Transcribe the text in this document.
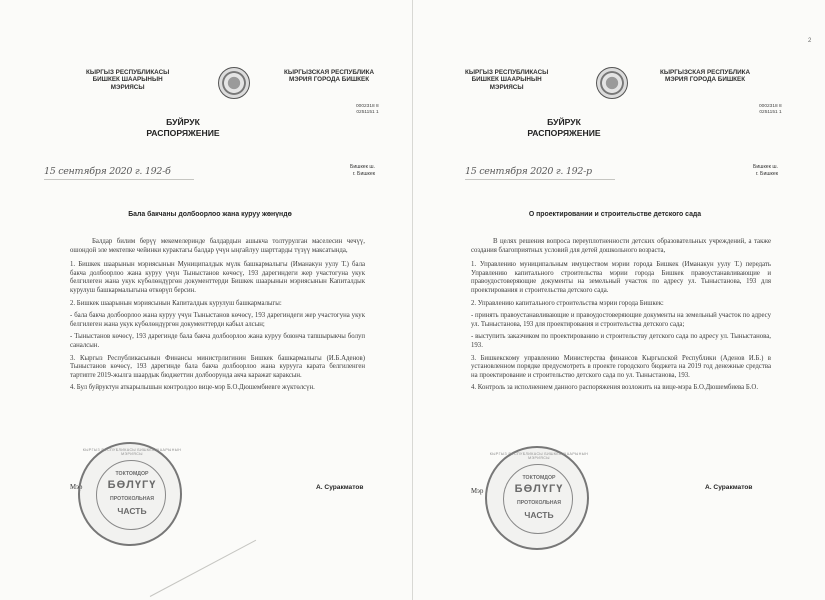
КЫРГЫЗ РЕСПУБЛИКАСЫ
БИШКЕК ШААРЫНЫН
МЭРИЯСЫ
КЫРГЫЗСКАЯ РЕСПУБЛИКА
МЭРИЯ ГОРОДА БИШКЕК
0002318 8
0251151 1
БУЙРУК
РАСПОРЯЖЕНИЕ
15 сентября 2020 г. 192-б	Бишкек ш.
г. Бишкек
Бала бакчаны долбоорлоо жана куруу жөнүндө

Балдар билим берүү мекемелеринде балдардын ашыкча толтурулган маселесин чечүү, ошондой эле мектепке чейинки курактагы балдар үчүн ыңгайлуу шарттарды түзүү максатында,

1. Бишкек шаарынын мэриясынын Муниципалдык мүлк башкармалыгы (Иманакун уулу Т.) бала бакча долбоорлоо жана куруу үчүн Тыныстанов көчөсү, 193 дарегиндеги жер участогуна укук белгилеген жана укук күбөлөндүргөн документтерди Бишкек шаарынын мэриясынын Капиталдык курулуш башкармалыгына өткөрүп берсин.

2. Бишкек шаарынын мэриясынын Капиталдык курулуш башкармалыгы:

- бала бакча долбоорлоо жана куруу үчүн Тыныстанов көчөсү, 193 дарегиндеги жер участогуна укук белгилеген жана укук күбөлөндүргөн документтерди кабыл алсын;

- Тыныстанов көчөсү, 193 дарегинде бала бакча долбоорлоо жана куруу боюнча тапшырыкчы болуп саналсын.

3. Кыргыз Республикасынын Финансы министрлигинин Бишкек башкармалыгы (И.Б.Аденов) Тыныстанов көчөсү, 193 дарегинде бала бакча долбоорлоо жана курууга карата белгиленген тартипте 2019-жылга шаардык бюджеттин долбоорунда акча каражат караксын.

4. Бул буйруктун аткарылышын контролдоо вице-мэр Б.О.Дюшембиевге жүктөлсүн.

Мэр	А. Суракматов
КЫРГЫЗ РЕСПУБЛИКАСЫ БИШКЕК ШААРЫНЫН МЭРИЯСЫ
ТОКТОМДОР
БӨЛҮГҮ
ПРОТОКОЛЬНАЯ
ЧАСТЬ
2
КЫРГЫЗ РЕСПУБЛИКАСЫ
БИШКЕК ШААРЫНЫН
МЭРИЯСЫ
КЫРГЫЗСКАЯ РЕСПУБЛИКА
МЭРИЯ ГОРОДА БИШКЕК
0002318 8
0251151 1
БУЙРУК
РАСПОРЯЖЕНИЕ
15 сентября 2020 г. 192-р	Бишкек ш.
г. Бишкек
О проектировании и строительстве детского сада

В целях решения вопроса переуплотненности детских образовательных учреждений, а также создания благоприятных условий для детей дошкольного возраста,

1. Управлению муниципальным имуществом мэрии города Бишкек (Иманакун уулу Т.) передать Управлению капитального строительства мэрии города Бишкек правоустанавливающие и правоудостоверяющие документы на земельный участок по адресу ул. Тыныстанова, 193 для проектирования и строительства детского сада.

2. Управлению капитального строительства мэрии города Бишкек:

- принять правоустанавливающие и правоудостоверяющие документы на земельный участок по адресу ул. Тыныстанова, 193 для проектирования и строительства детского сада;

- выступить заказчиком по проектированию и строительству детского сада по адресу ул. Тыныстанова, 193.

3. Бишкекскому управлению Министерства финансов Кыргызской Республики (Аденов И.Б.) в установленном порядке предусмотреть в проекте городского бюджета на 2019 год денежные средства на проектирование и строительство детского сада по ул. Тыныстанова, 193.

4. Контроль за исполнением данного распоряжения возложить на вице-мэра Б.О.Дюшембиева Б.О.

Мэр
А. Суракматов
КЫРГЫЗ РЕСПУБЛИКАСЫ БИШКЕК ШААРЫНЫН МЭРИЯСЫ
ТОКТОМДОР
БӨЛҮГҮ
ПРОТОКОЛЬНАЯ
ЧАСТЬ
